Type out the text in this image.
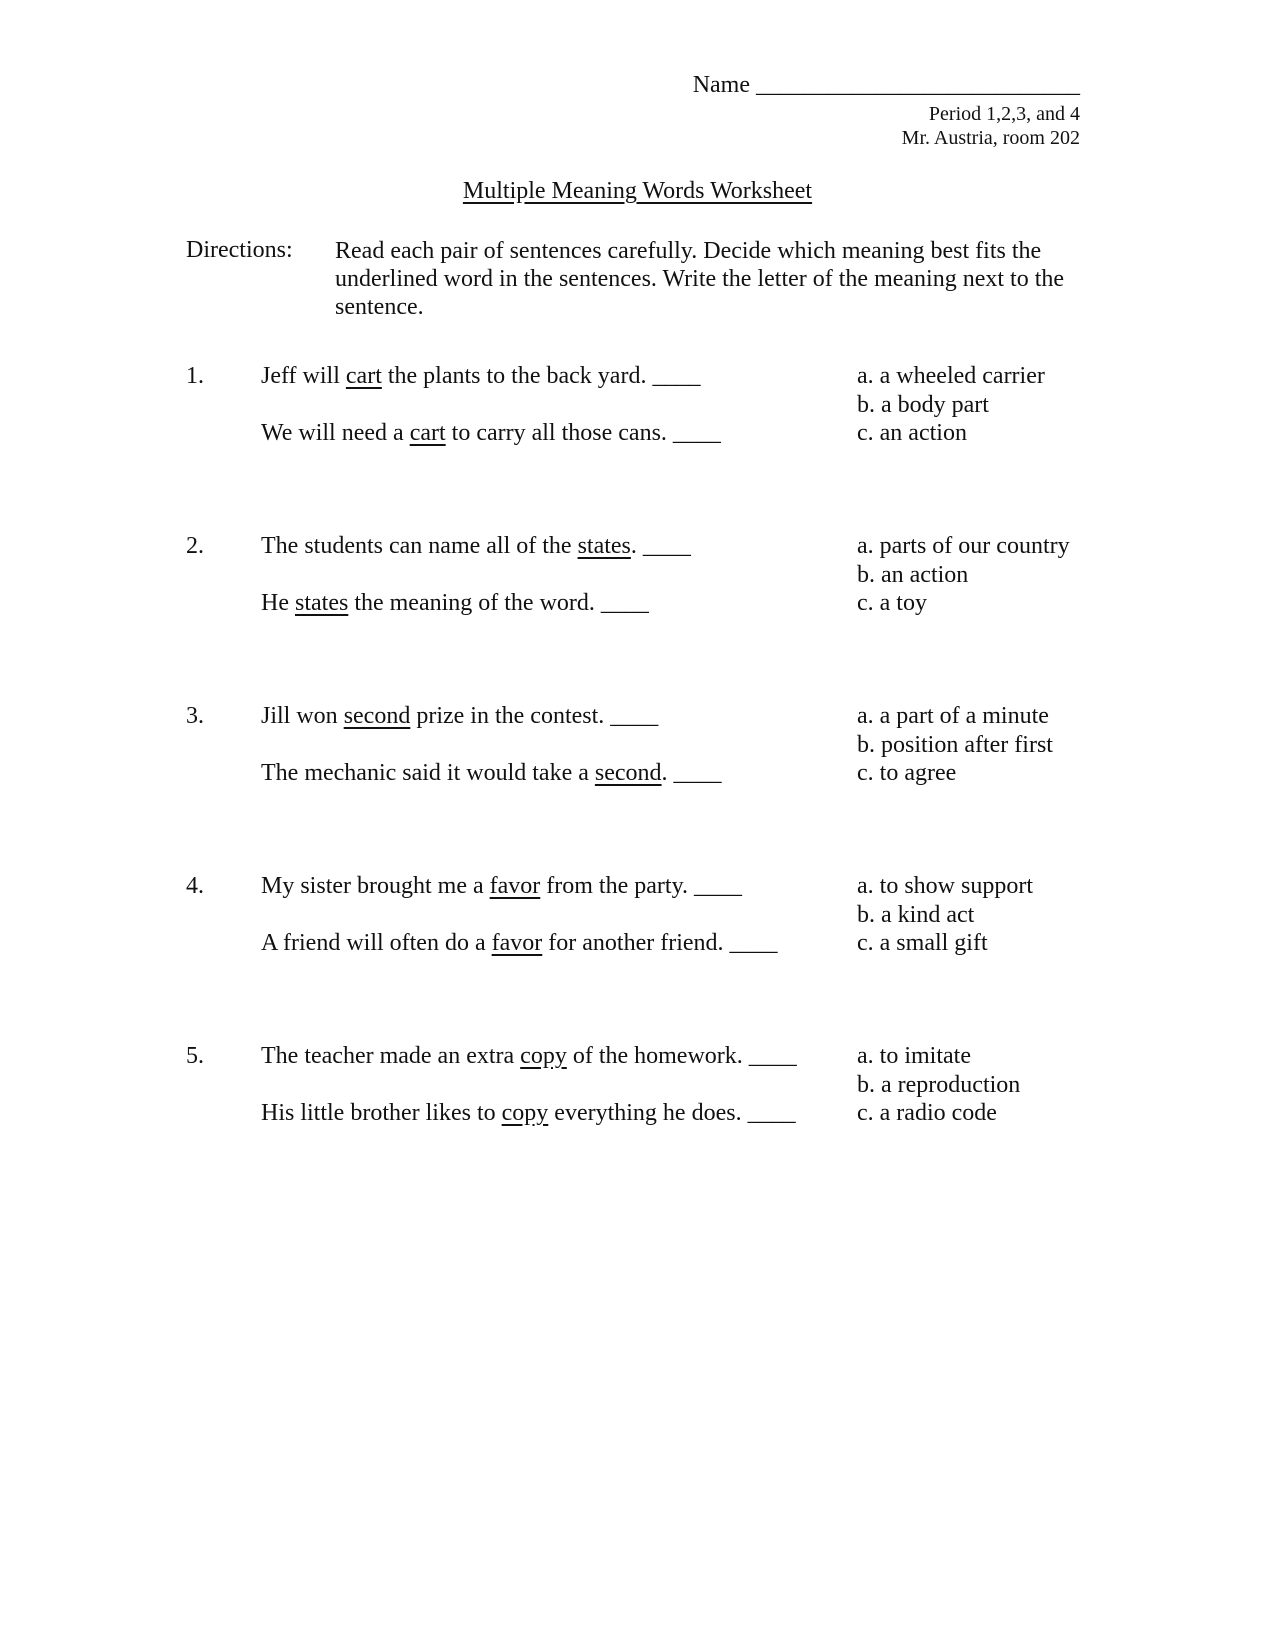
Name ___________________________
Period 1,2,3, and 4
Mr. Austria, room 202
Multiple Meaning Words Worksheet
Directions: Read each pair of sentences carefully. Decide which meaning best fits the underlined word in the sentences. Write the letter of the meaning next to the sentence.
1. Jeff will cart the plants to the back yard. ____
We will need a cart to carry all those cans. ____
a. a wheeled carrier
b. a body part
c. an action
2. The students can name all of the states. ____
He states the meaning of the word. ____
a. parts of our country
b. an action
c. a toy
3. Jill won second prize in the contest. ____
The mechanic said it would take a second. ____
a. a part of a minute
b. position after first
c. to agree
4. My sister brought me a favor from the party. ____
A friend will often do a favor for another friend. ____
a. to show support
b. a kind act
c. a small gift
5. The teacher made an extra copy of the homework. ____
His little brother likes to copy everything he does. ____
a. to imitate
b. a reproduction
c. a radio code
